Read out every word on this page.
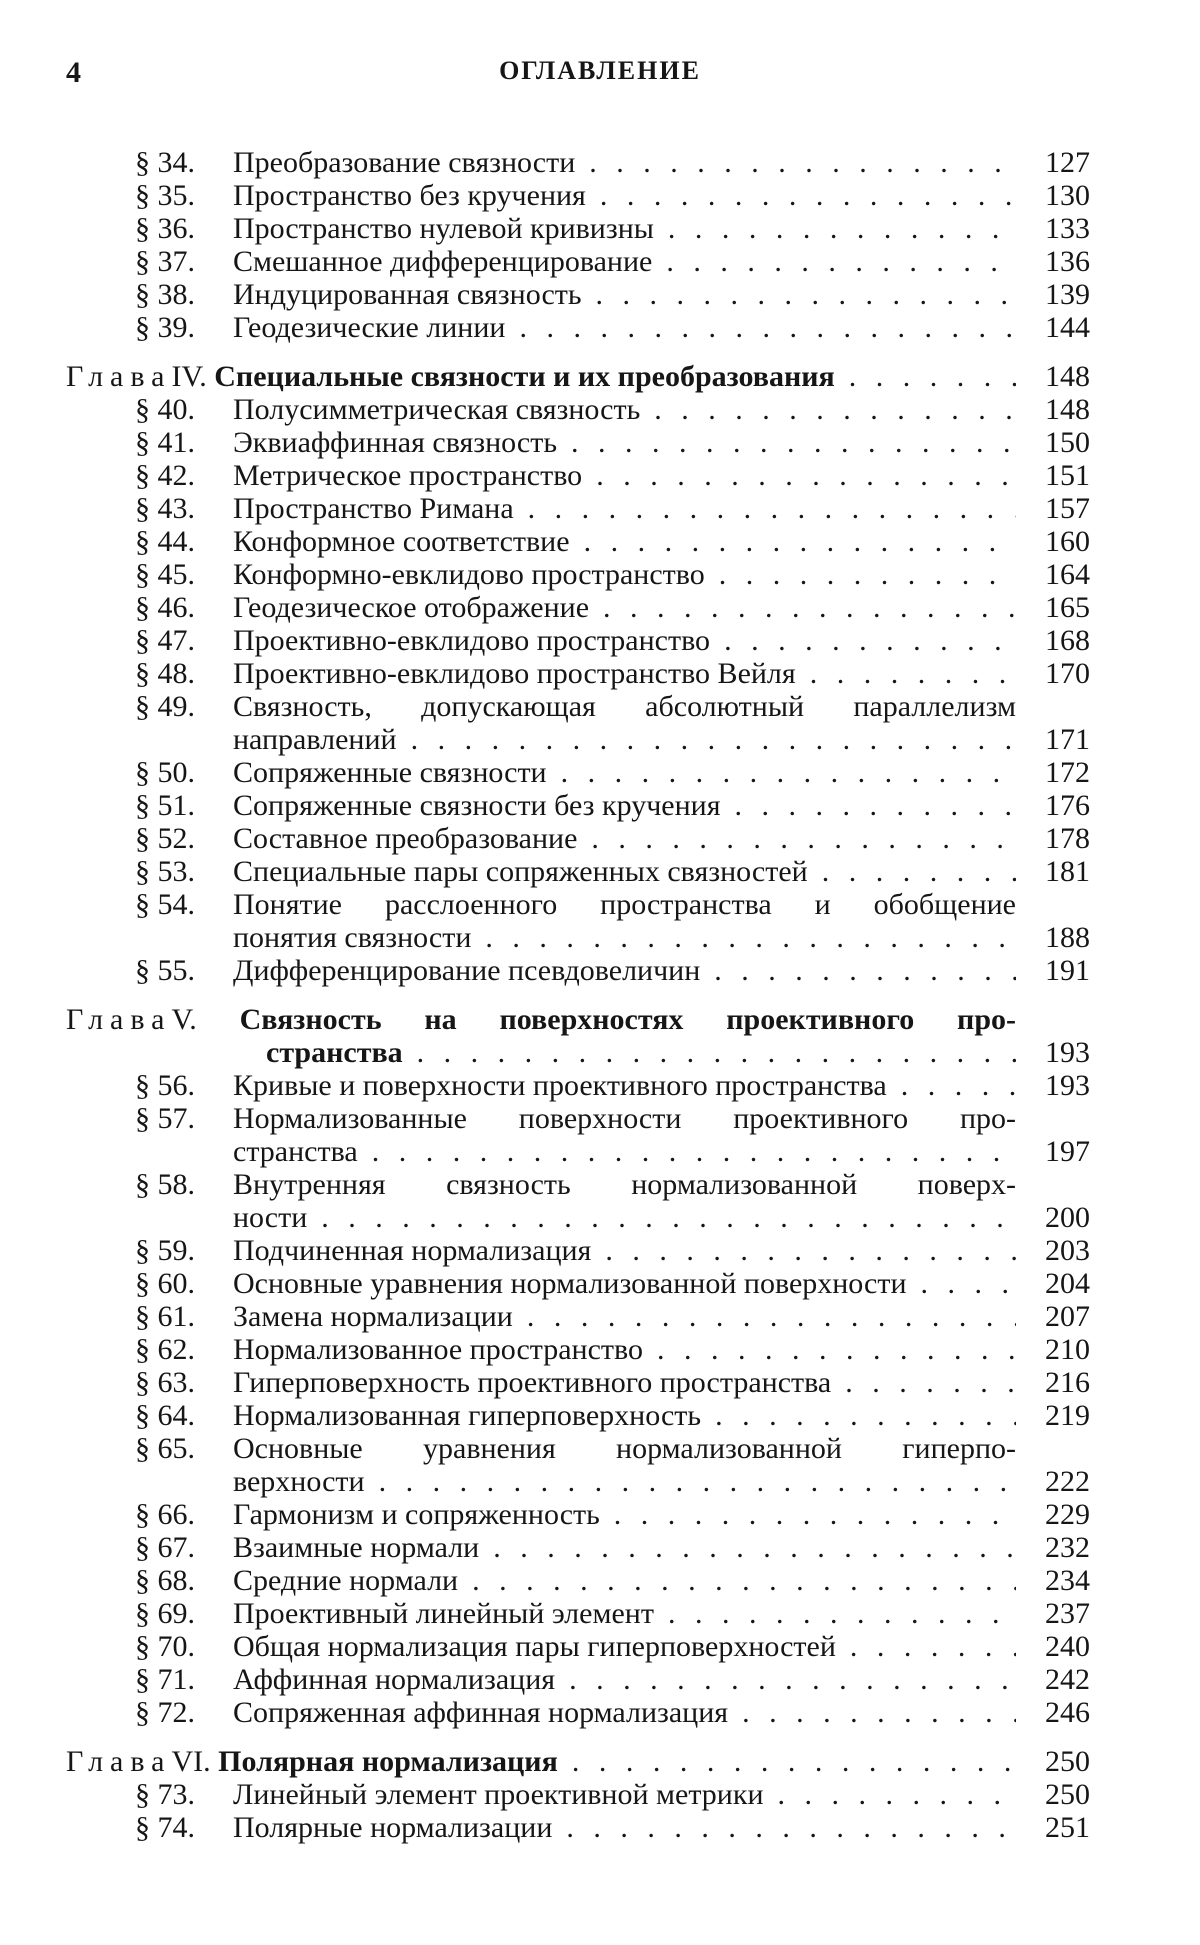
4	ОГЛАВЛЕНИЕ
§ 34. Преобразование связности . . .	127
§ 35. Пространство без кручения . . .	130
§ 36. Пространство нулевой кривизны . . .	133
§ 37. Смешанное дифференцирование . . .	136
§ 38. Индуцированная связность . . .	139
§ 39. Геодезические линии . . .	144
Глава IV. Специальные связности и их преобразования . . .	148
§ 40. Полусимметрическая связность . . .	148
§ 41. Эквиаффинная связность . . .	150
§ 42. Метрическое пространство . . .	151
§ 43. Пространство Римана . . .	157
§ 44. Конформное соответствие . . .	160
§ 45. Конформно-евклидово пространство . . .	164
§ 46. Геодезическое отображение . . .	165
§ 47. Проективно-евклидово пространство . . .	168
§ 48. Проективно-евклидово пространство Вейля . . .	170
§ 49. Связность, допускающая абсолютный параллелизм
направлений . . .	171
§ 50. Сопряженные связности . . .	172
§ 51. Сопряженные связности без кручения . . .	176
§ 52. Составное преобразование . . .	178
§ 53. Специальные пары сопряженных связностей . . .	181
§ 54. Понятие расслоенного пространства и обобщение
понятия связности . . .	188
§ 55. Дифференцирование псевдовеличин . . .	191
Глава V. Связность на поверхностях проективного про-
странства . . .	193
§ 56. Кривые и поверхности проективного пространства . . .	193
§ 57. Нормализованные поверхности проективного про-
странства . . .	197
§ 58. Внутренняя связность нормализованной поверх-
ности . . .	200
§ 59. Подчиненная нормализация . . .	203
§ 60. Основные уравнения нормализованной поверхности . . .	204
§ 61. Замена нормализации . . .	207
§ 62. Нормализованное пространство . . .	210
§ 63. Гиперповерхность проективного пространства . . .	216
§ 64. Нормализованная гиперповерхность . . .	219
§ 65. Основные уравнения нормализованной гиперпо-
верхности . . .	222
§ 66. Гармонизм и сопряженность . . .	229
§ 67. Взаимные нормали . . .	232
§ 68. Средние нормали . . .	234
§ 69. Проективный линейный элемент . . .	237
§ 70. Общая нормализация пары гиперповерхностей . . .	240
§ 71. Аффинная нормализация . . .	242
§ 72. Сопряженная аффинная нормализация . . .	246
Глава VI. Полярная нормализация . . .	250
§ 73. Линейный элемент проективной метрики . . .	250
§ 74. Полярные нормализации . . .	251
